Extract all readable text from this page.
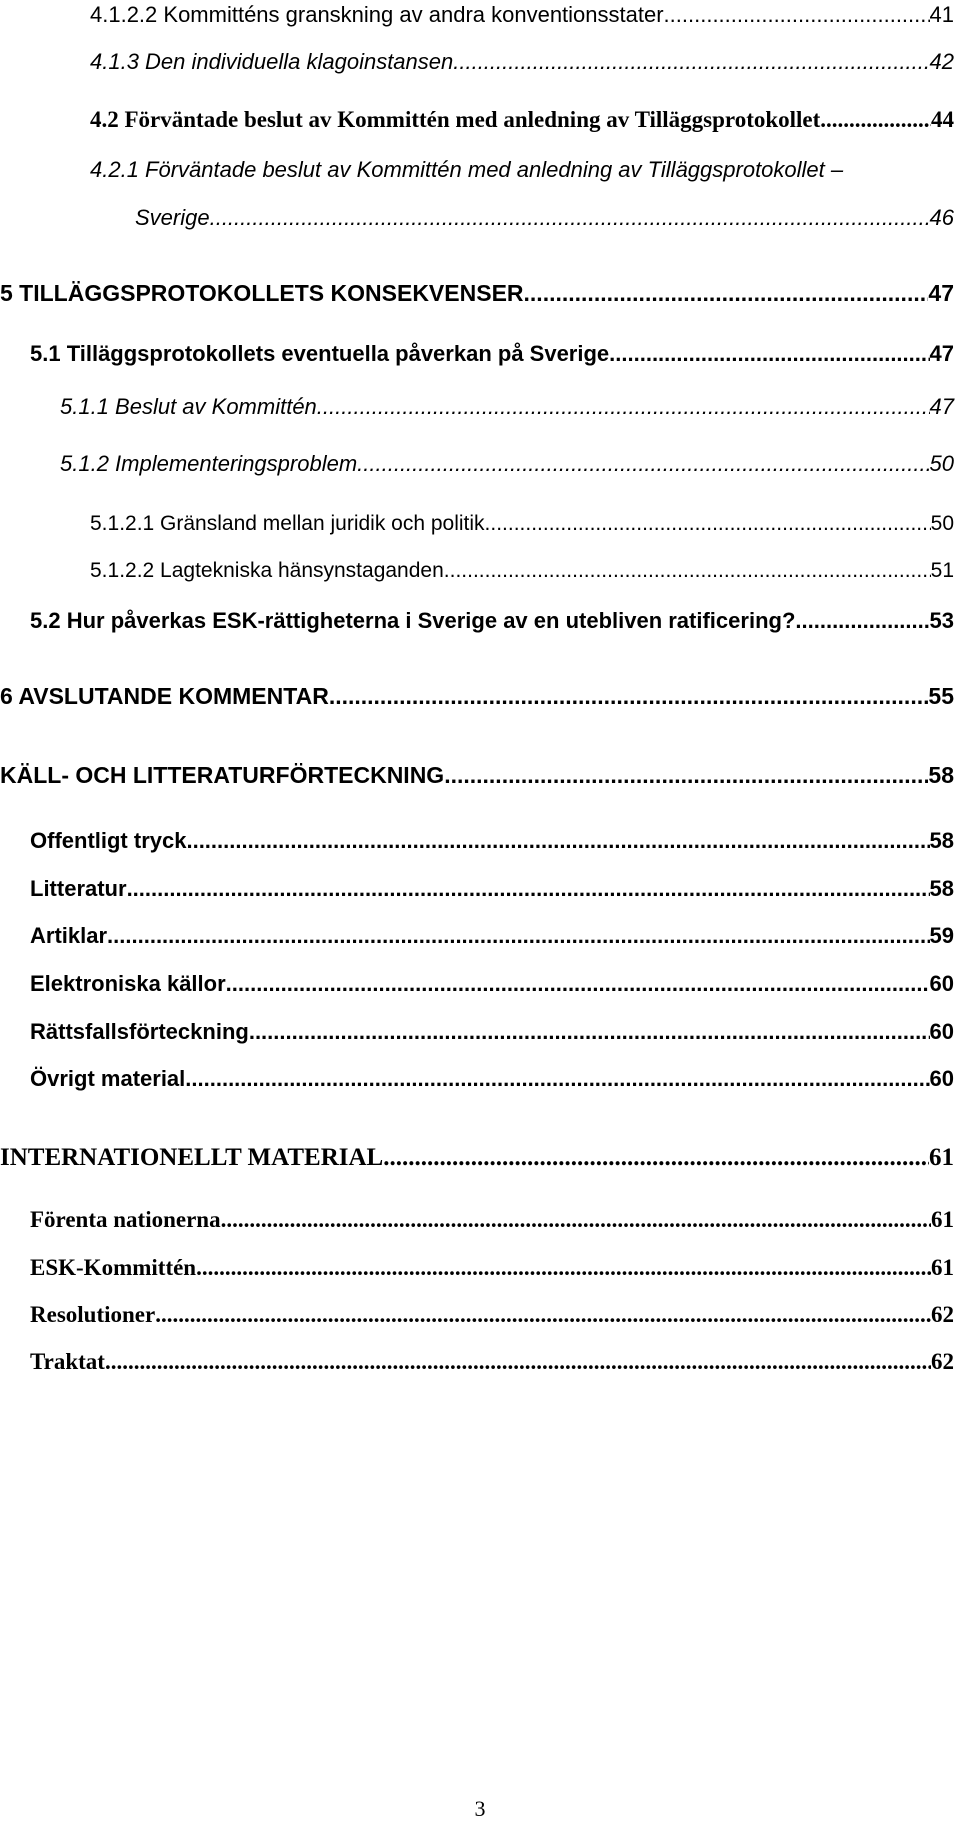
4.1.2.2 Kommitténs granskning av andra konventionsstater .....	41
4.1.3 Den individuella klagoinstansen .....	42
4.2 Förväntade beslut av Kommittén med anledning av Tilläggsprotokollet .....	44
4.2.1 Förväntade beslut av Kommittén med anledning av Tilläggsprotokollet –
Sverige .....	46
5 TILLÄGGSPROTOKOLLETS KONSEKVENSER .....	47
5.1 Tilläggsprotokollets eventuella påverkan på Sverige .....	47
5.1.1 Beslut av Kommittén .....	47
5.1.2 Implementeringsproblem .....	50
5.1.2.1 Gränsland mellan juridik och politik .....	50
5.1.2.2 Lagtekniska hänsynstaganden .....	51
5.2 Hur påverkas ESK-rättigheterna i Sverige av en utebliven ratificering? .....	53
6 AVSLUTANDE KOMMENTAR .....	55
KÄLL- OCH LITTERATURFÖRTECKNING .....	58
Offentligt tryck .....	58
Litteratur .....	58
Artiklar .....	59
Elektroniska källor .....	60
Rättsfallsförteckning .....	60
Övrigt material .....	60
INTERNATIONELLT MATERIAL .....	61
Förenta nationerna .....	61
ESK-Kommittén .....	61
Resolutioner .....	62
Traktat .....	62
3
